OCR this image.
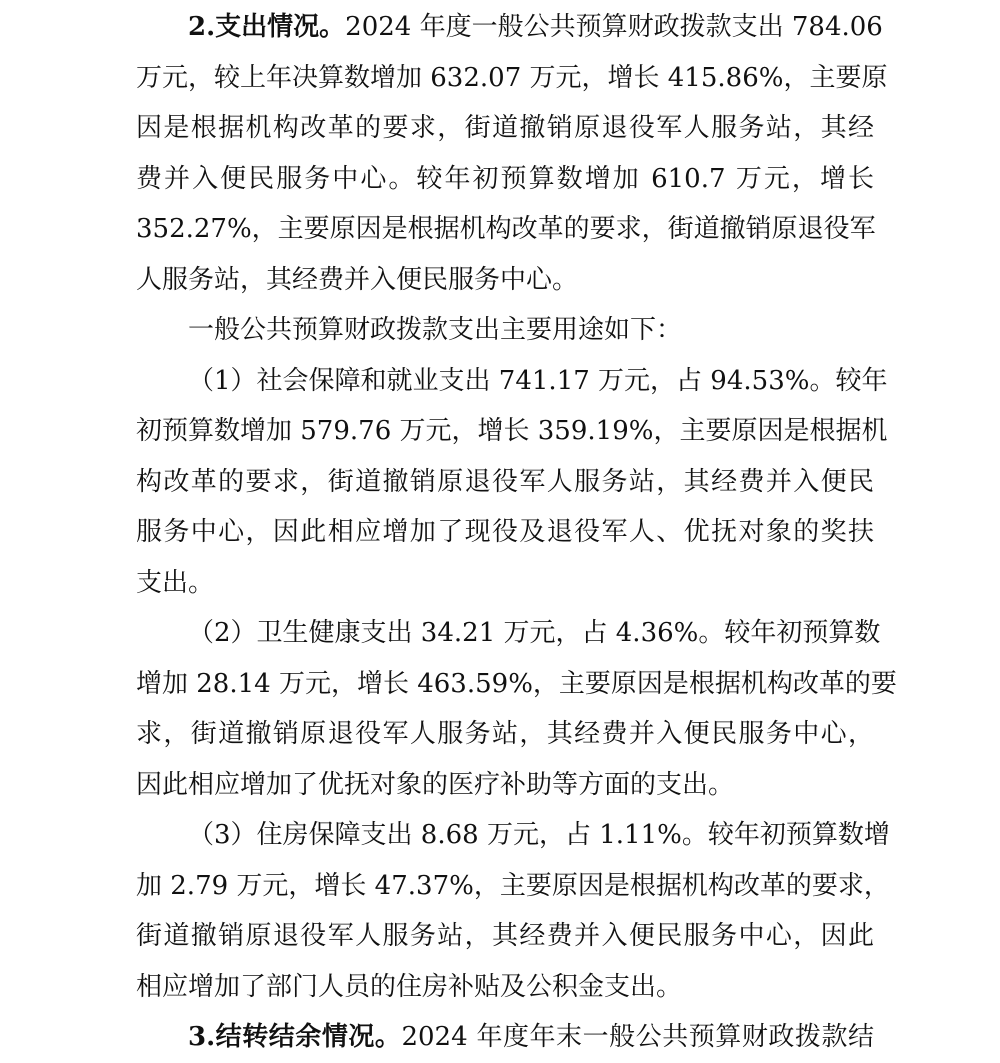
2.支出情况。2024 年度一般公共预算财政拨款支出 784.06
万元，较上年决算数增加 632.07 万元，增长 415.86%，主要原
因是根据机构改革的要求，街道撤销原退役军人服务站，其经
费并入便民服务中心。较年初预算数增加 610.7 万元，增长
352.27%，主要原因是根据机构改革的要求，街道撤销原退役军
人服务站，其经费并入便民服务中心。
一般公共预算财政拨款支出主要用途如下：
（1）社会保障和就业支出 741.17 万元，占 94.53%。较年
初预算数增加 579.76 万元，增长 359.19%，主要原因是根据机
构改革的要求，街道撤销原退役军人服务站，其经费并入便民
服务中心，因此相应增加了现役及退役军人、优抚对象的奖扶
支出。
（2）卫生健康支出 34.21 万元，占 4.36%。较年初预算数
增加 28.14 万元，增长 463.59%，主要原因是根据机构改革的要
求，街道撤销原退役军人服务站，其经费并入便民服务中心，
因此相应增加了优抚对象的医疗补助等方面的支出。
（3）住房保障支出 8.68 万元，占 1.11%。较年初预算数增
加 2.79 万元，增长 47.37%，主要原因是根据机构改革的要求，
街道撤销原退役军人服务站，其经费并入便民服务中心，因此
相应增加了部门人员的住房补贴及公积金支出。
3.结转结余情况。2024 年度年末一般公共预算财政拨款结
